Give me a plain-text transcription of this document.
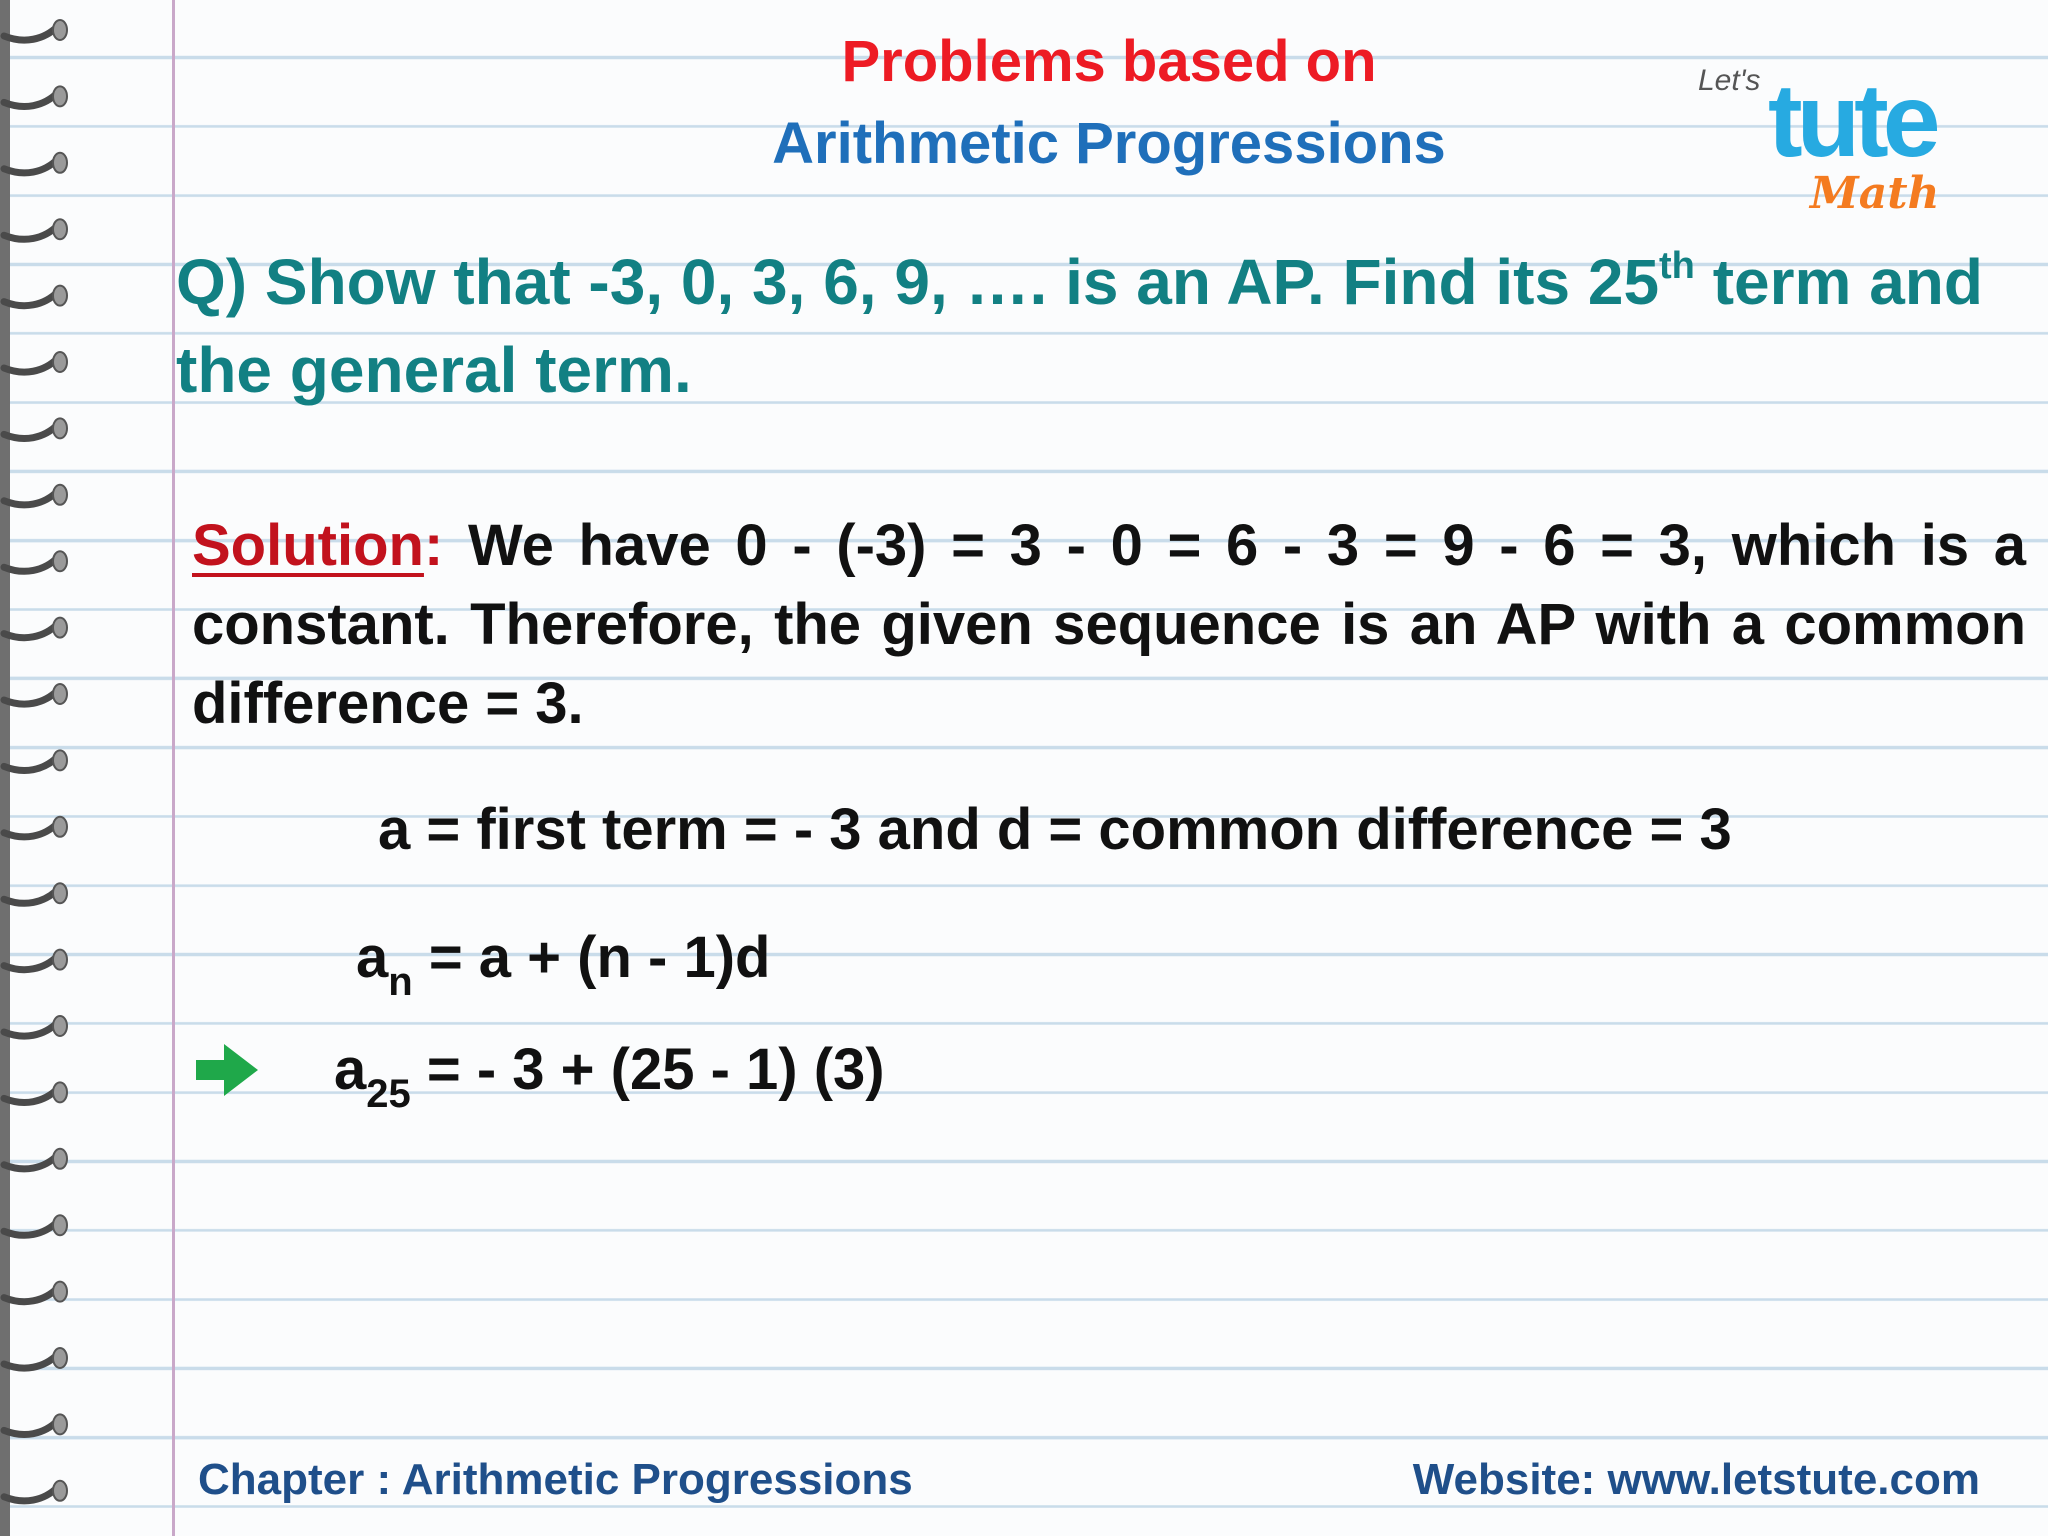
Problems based on
Arithmetic Progressions
Let's tute
Math
Q) Show that -3, 0, 3, 6, 9, …. is an AP. Find its 25th term and the general term.
Solution: We have 0 - (-3) = 3 - 0 = 6 - 3 = 9 - 6 = 3, which is a constant. Therefore, the given sequence is an AP with a common difference = 3.
a = first term = - 3 and d = common difference = 3
$a_n = a + (n - 1)d$
$a_{25}$ = - 3 + (25 - 1) (3)
Chapter : Arithmetic Progressions	Website: www.letstute.com
